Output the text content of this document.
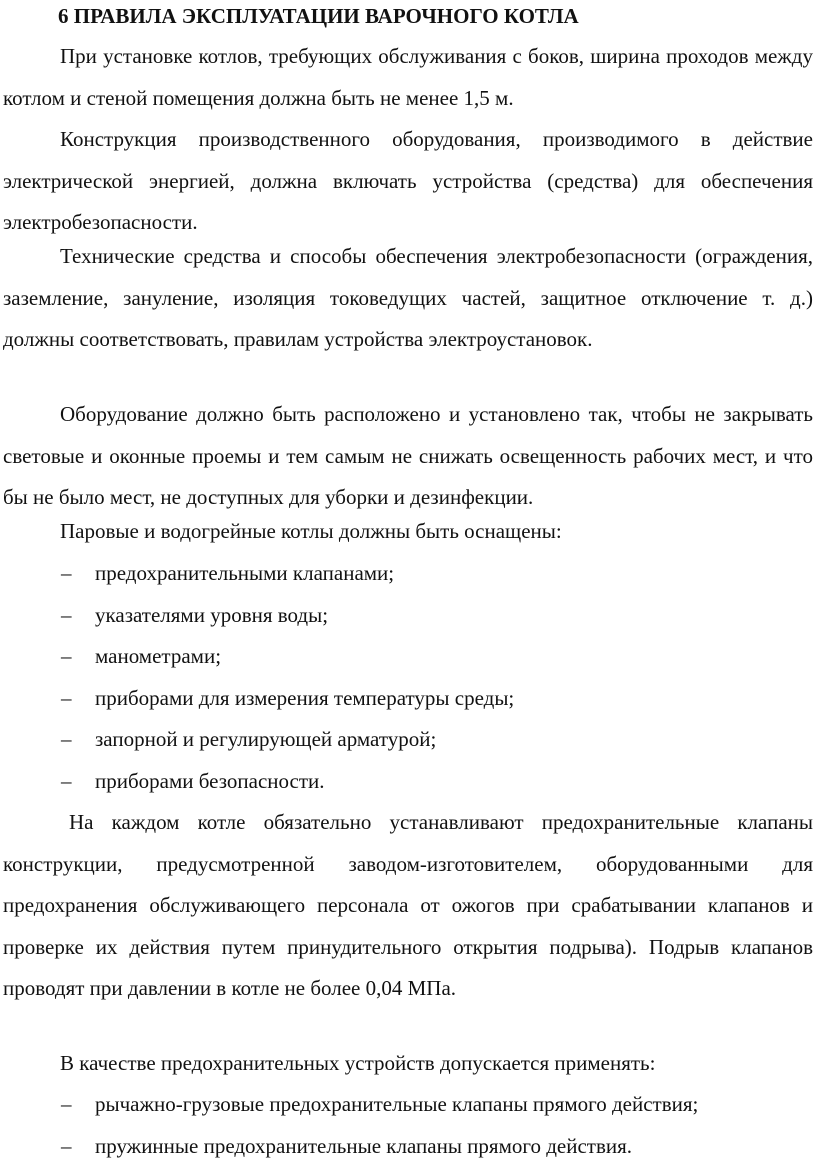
6 ПРАВИЛА ЭКСПЛУАТАЦИИ ВАРОЧНОГО КОТЛА

При установке котлов, требующих обслуживания с боков, ширина проходов между котлом и стеной помещения должна быть не менее 1,5 м.

Конструкция производственного оборудования, производимого в действие электрической энергией, должна включать устройства (средства) для обеспечения электробезопасности.

Технические средства и способы обеспечения электробезопасности (ограждения, заземление, зануление, изоляция токоведущих частей, защитное отключение т. д.) должны соответствовать, правилам устройства электроустановок.

Оборудование должно быть расположено и установлено так, чтобы не закрывать световые и оконные проемы и тем самым не снижать освещенность рабочих мест, и что бы не было мест, не доступных для уборки и дезинфекции.

Паровые и водогрейные котлы должны быть оснащены:

– предохранительными клапанами;
– указателями уровня воды;
– манометрами;
– приборами для измерения температуры среды;
– запорной и регулирующей арматурой;
– приборами безопасности.

На каждом котле обязательно устанавливают предохранительные клапаны конструкции, предусмотренной заводом-изготовителем, оборудованными для предохранения обслуживающего персонала от ожогов при срабатывании клапанов и проверке их действия путем принудительного открытия подрыва). Подрыв клапанов проводят при давлении в котле не более 0,04 МПа.

В качестве предохранительных устройств допускается применять:

– рычажно-грузовые предохранительные клапаны прямого действия;
– пружинные предохранительные клапаны прямого действия.
